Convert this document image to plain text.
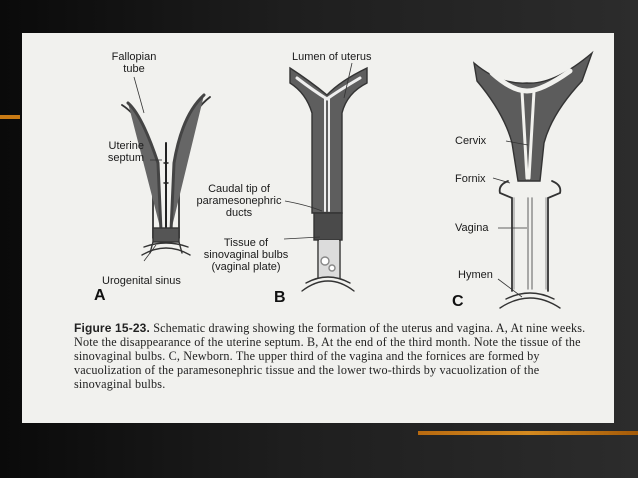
Fallopian
tube
Uterine
septum
Urogenital sinus
Lumen of uterus
Caudal tip of
paramesonephric
ducts
Tissue of
sinovaginal bulbs
(vaginal plate)
Cervix
Fornix
Vagina
Hymen
A	B	C
Figure 15-23. Schematic drawing showing the formation of the uterus and vagina. A, At nine weeks. Note the disappearance of the uterine septum. B, At the end of the third month. Note the tissue of the sinovaginal bulbs. C, Newborn. The upper third of the vagina and the fornices are formed by vacuolization of the paramesonephric tissue and the lower two-thirds by vacuolization of the sinovaginal bulbs.
